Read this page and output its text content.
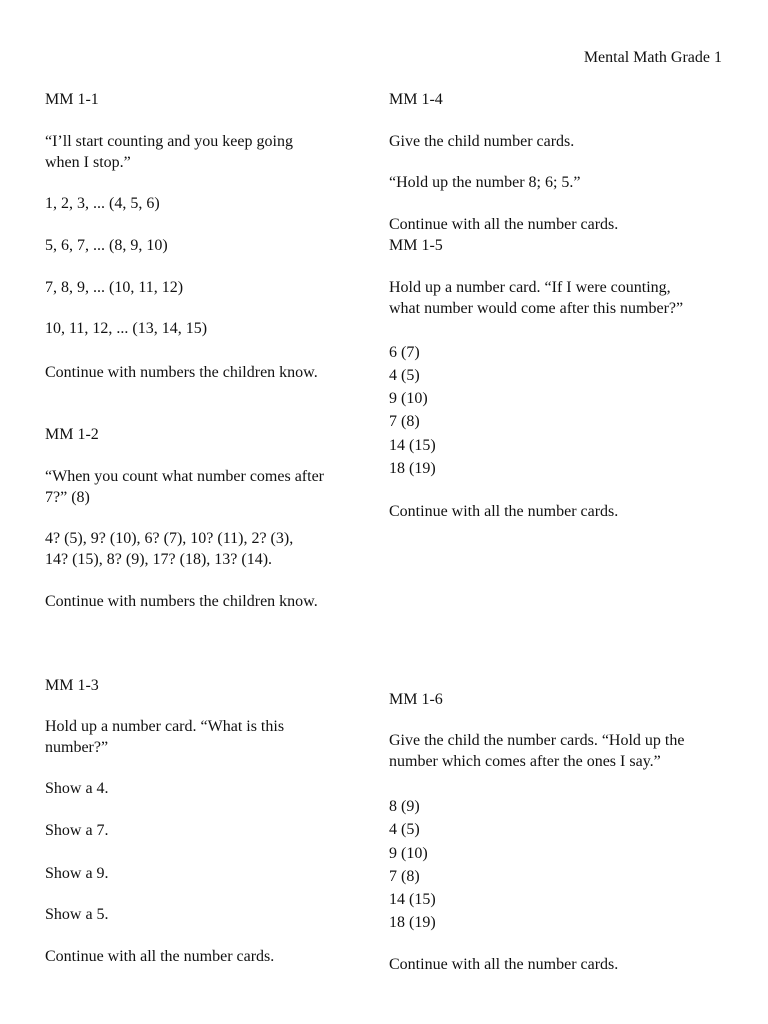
Mental Math Grade 1

MM 1-1

“I’ll start counting and you keep going

when I stop.”

1, 2, 3, ... (4, 5, 6)

5, 6, 7, ... (8, 9, 10)

7, 8, 9, ... (10, 11, 12)

10, 11, 12, ... (13, 14, 15)

Continue with numbers the children know.

MM 1-2

“When you count what number comes after

7?” (8)

4? (5), 9? (10), 6? (7), 10? (11), 2? (3),

14? (15), 8? (9), 17? (18), 13? (14).

Continue with numbers the children know.

MM 1-3

Hold up a number card. “What is this

number?”

Show a 4.

Show a 7.

Show a 9.

Show a 5.

Continue with all the number cards.

MM 1-4

Give the child number cards.

“Hold up the number 8; 6; 5.”

Continue with all the number cards.

MM 1-5

Hold up a number card. “If I were counting,

what number would come after this number?”

6 (7)

4 (5)

9 (10)

7 (8)

14 (15)

18 (19)

Continue with all the number cards.

MM 1-6

Give the child the number cards. “Hold up the

number which comes after the ones I say.”

8 (9)

4 (5)

9 (10)

7 (8)

14 (15)

18 (19)

Continue with all the number cards.
